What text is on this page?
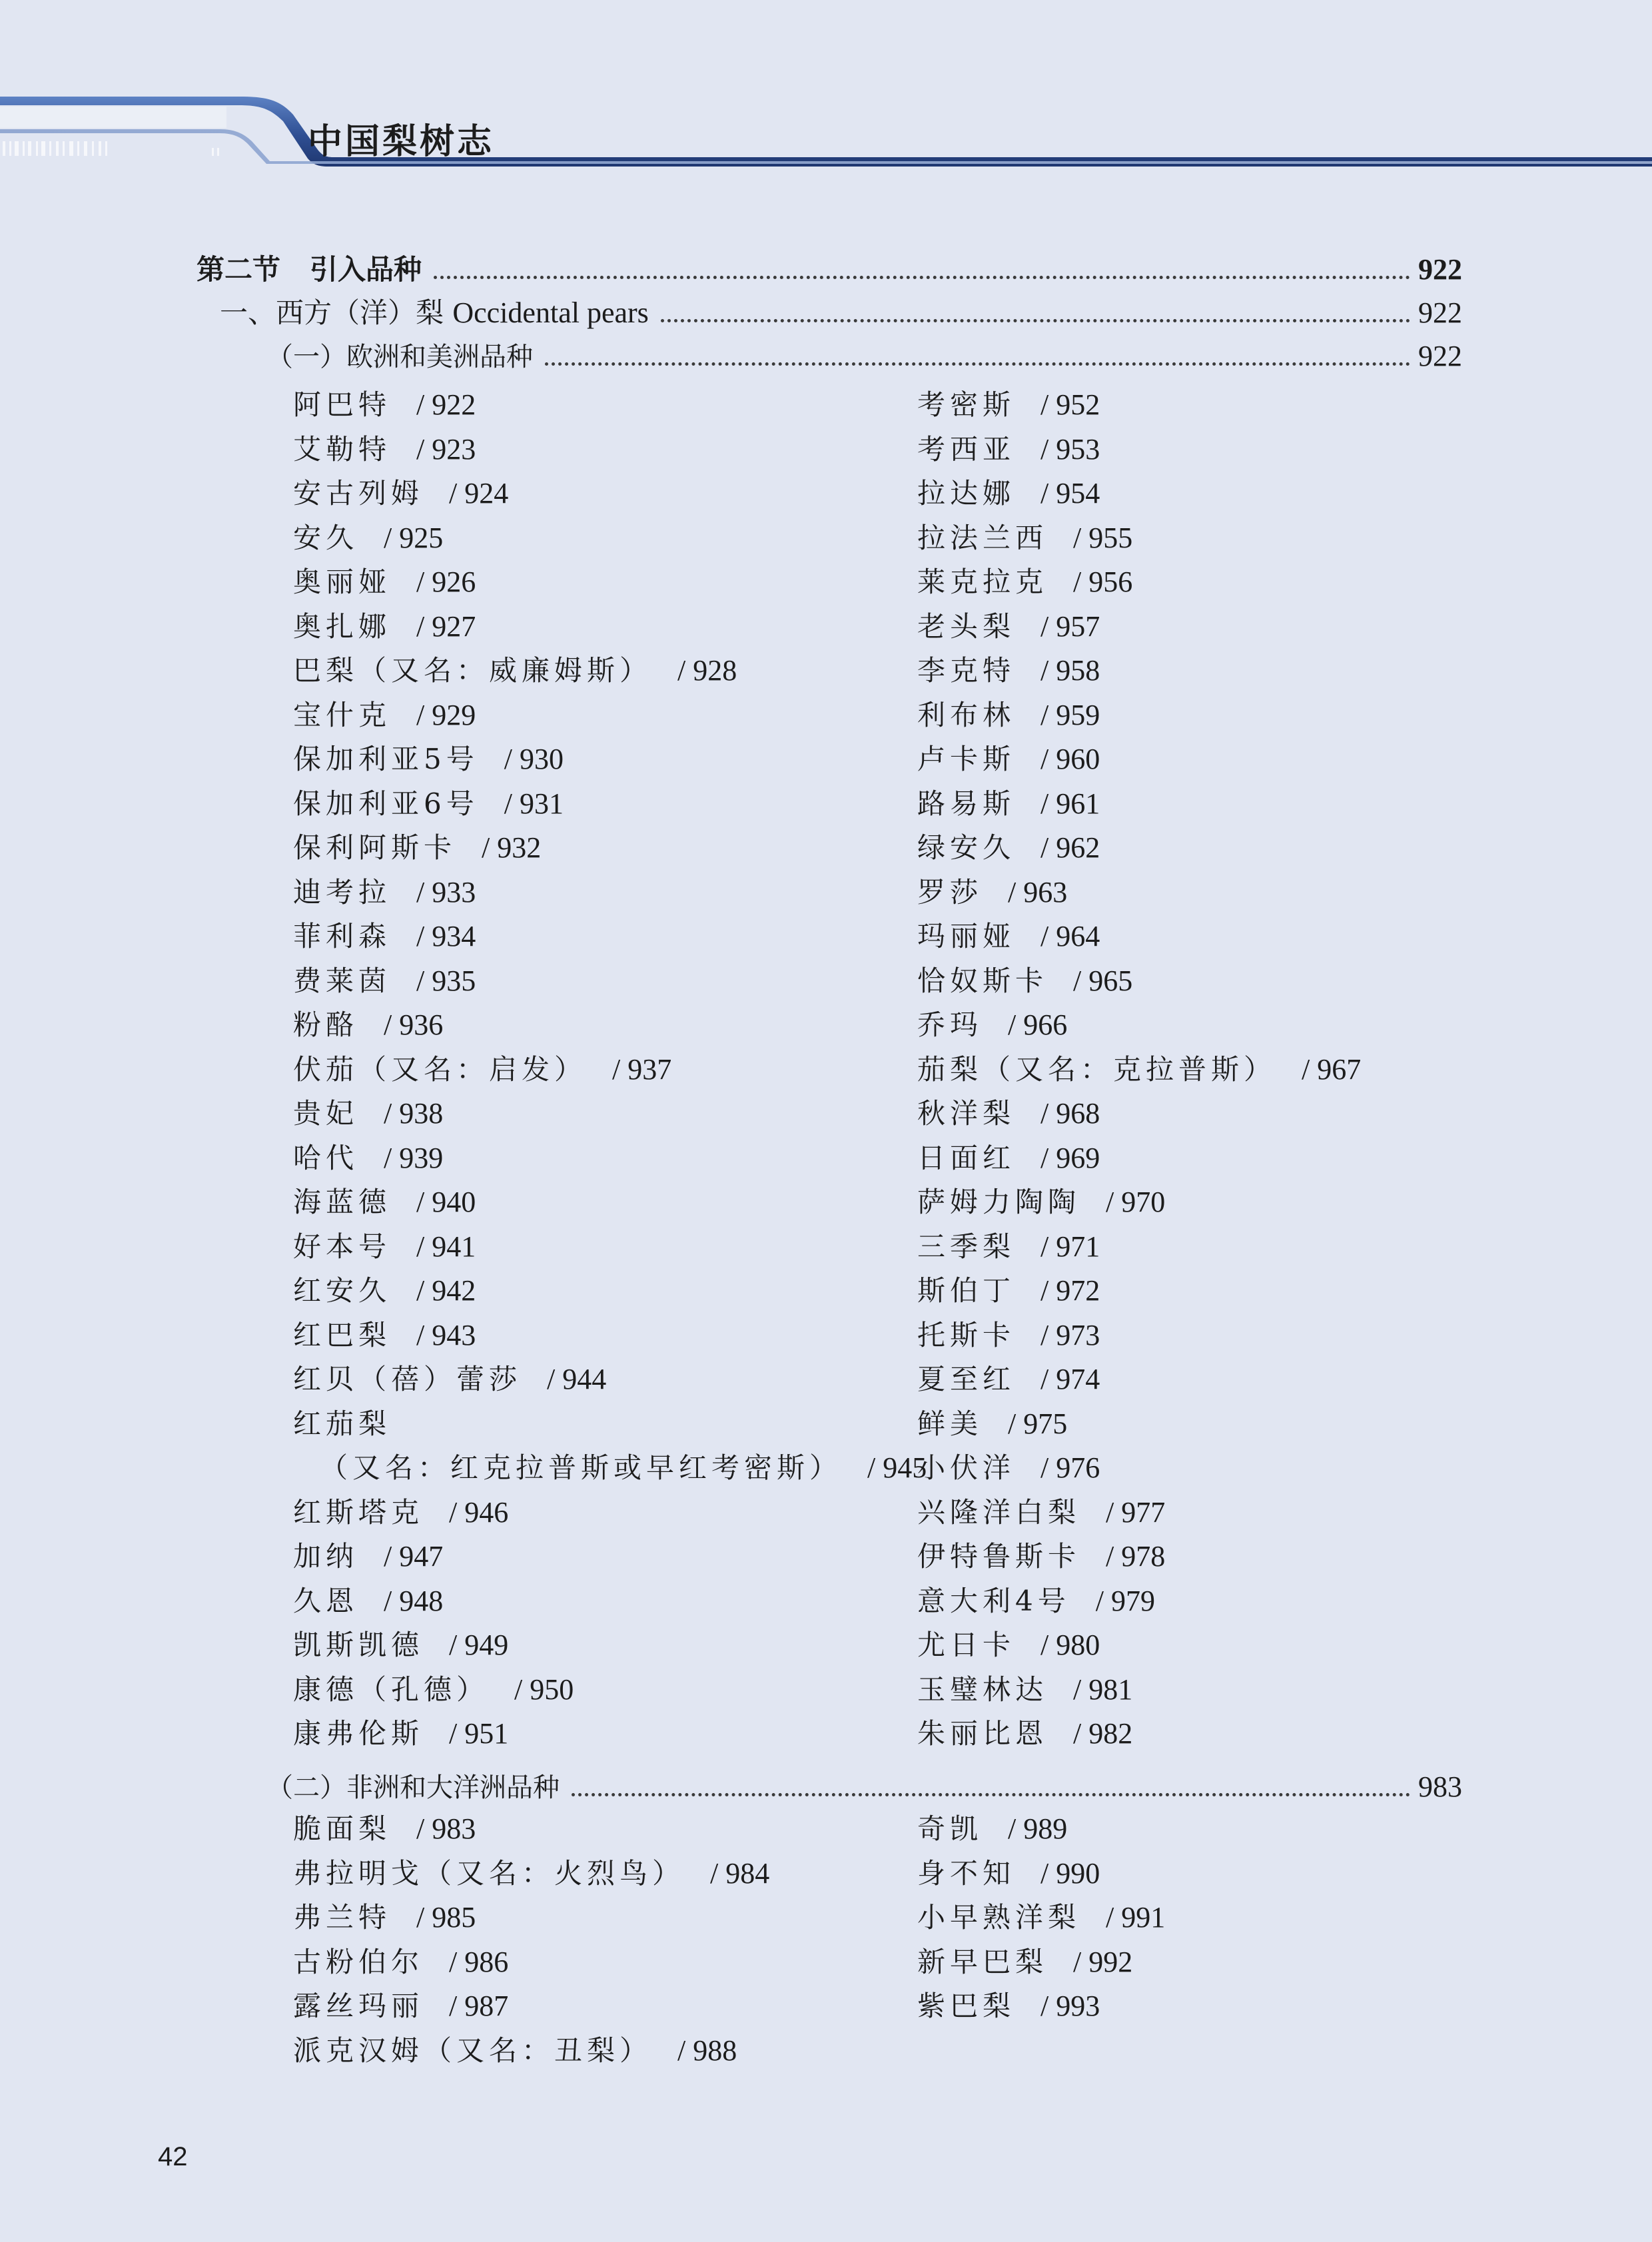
中国梨树志
第二节 引入品种	922
一、西方（洋）梨 Occidental pears	922
（一）欧洲和美洲品种	922
阿巴特 / 922
艾勒特 / 923
安古列姆 / 924
安久 / 925
奥丽娅 / 926
奥扎娜 / 927
巴梨（又名：威廉姆斯） / 928
宝什克 / 929
保加利亚5号 / 930
保加利亚6号 / 931
保利阿斯卡 / 932
迪考拉 / 933
菲利森 / 934
费莱茵 / 935
粉酪 / 936
伏茄（又名：启发） / 937
贵妃 / 938
哈代 / 939
海蓝德 / 940
好本号 / 941
红安久 / 942
红巴梨 / 943
红贝（蓓）蕾莎 / 944
红茄梨
（又名：红克拉普斯或早红考密斯） / 945
红斯塔克 / 946
加纳 / 947
久恩 / 948
凯斯凯德 / 949
康德（孔德） / 950
康弗伦斯 / 951
考密斯 / 952
考西亚 / 953
拉达娜 / 954
拉法兰西 / 955
莱克拉克 / 956
老头梨 / 957
李克特 / 958
利布林 / 959
卢卡斯 / 960
路易斯 / 961
绿安久 / 962
罗莎 / 963
玛丽娅 / 964
恰奴斯卡 / 965
乔玛 / 966
茄梨（又名：克拉普斯） / 967
秋洋梨 / 968
日面红 / 969
萨姆力陶陶 / 970
三季梨 / 971
斯伯丁 / 972
托斯卡 / 973
夏至红 / 974
鲜美 / 975
小伏洋 / 976
兴隆洋白梨 / 977
伊特鲁斯卡 / 978
意大利4号 / 979
尤日卡 / 980
玉璧林达 / 981
朱丽比恩 / 982
（二）非洲和大洋洲品种	983
脆面梨 / 983
弗拉明戈（又名：火烈鸟） / 984
弗兰特 / 985
古粉伯尔 / 986
露丝玛丽 / 987
派克汉姆（又名：丑梨） / 988
奇凯 / 989
身不知 / 990
小早熟洋梨 / 991
新早巴梨 / 992
紫巴梨 / 993
42
